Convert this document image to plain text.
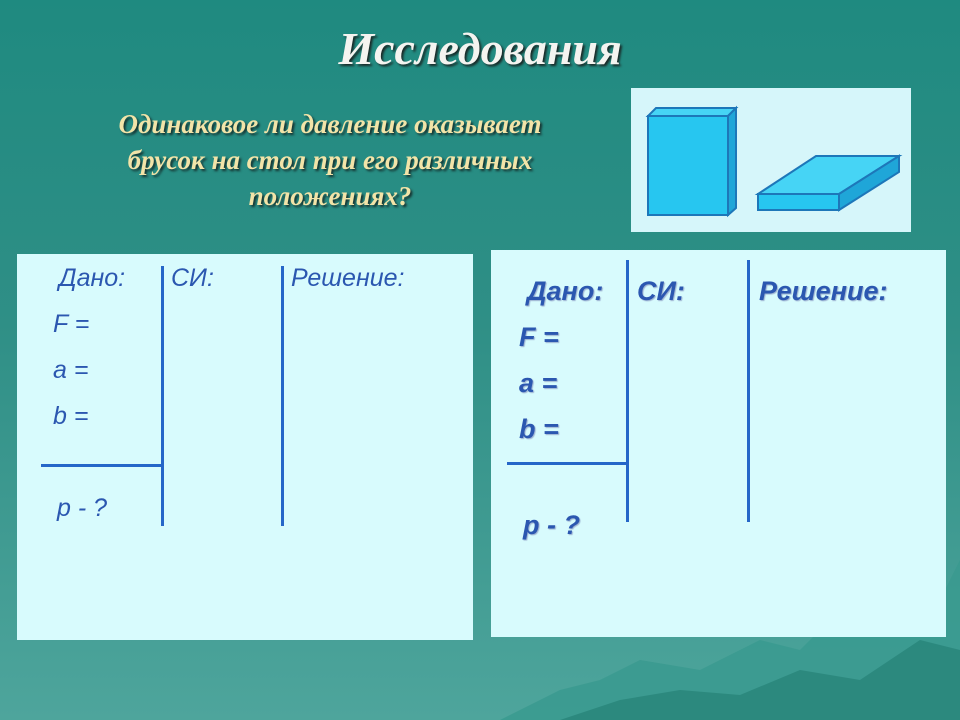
Исследования
Одинаковое ли давление оказывает
брусок на стол при его различных
положениях?
Дано: СИ:	Решение:
F =
a =
b =
p - ?
Дано: СИ:	Решение:
F =
a =
b =
p - ?
